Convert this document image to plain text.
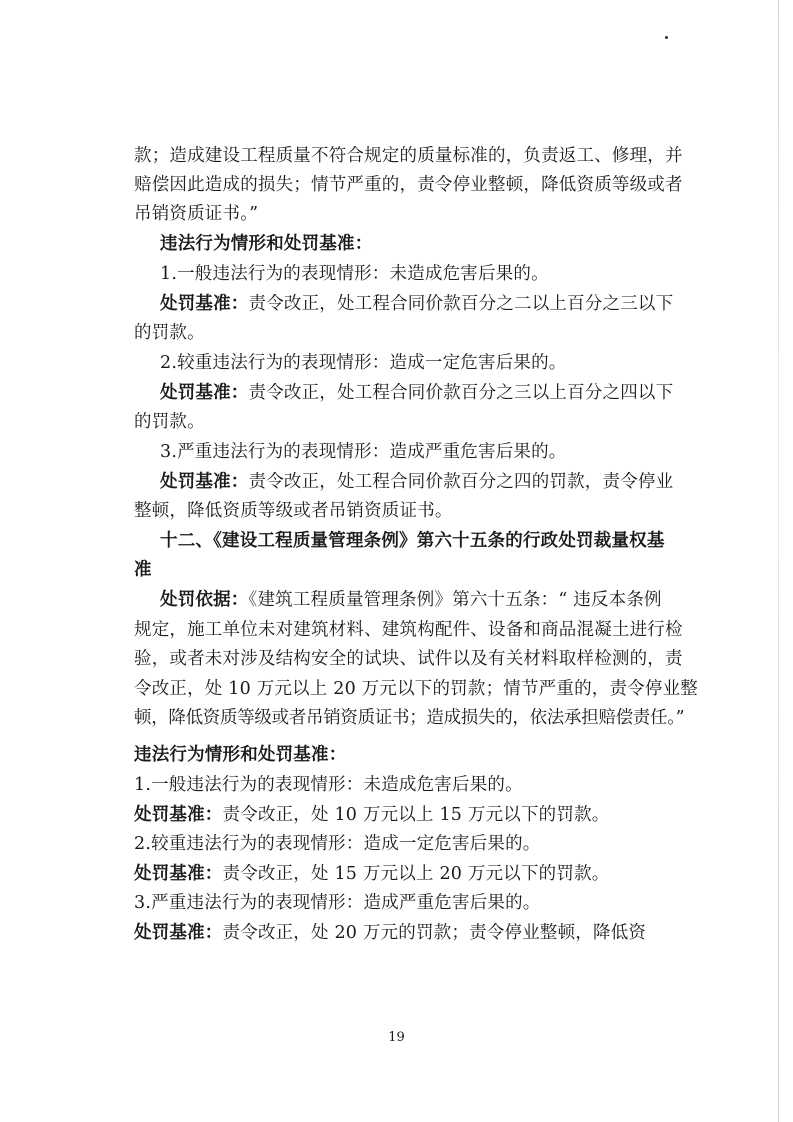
款；造成建设工程质量不符合规定的质量标准的，负责返工、修理，并
赔偿因此造成的损失；情节严重的，责令停业整顿，降低资质等级或者
吊销资质证书。”
违法行为情形和处罚基准：
1.一般违法行为的表现情形：未造成危害后果的。
处罚基准：责令改正，处工程合同价款百分之二以上百分之三以下
的罚款。
2.较重违法行为的表现情形：造成一定危害后果的。
处罚基准：责令改正，处工程合同价款百分之三以上百分之四以下
的罚款。
3.严重违法行为的表现情形：造成严重危害后果的。
处罚基准：责令改正，处工程合同价款百分之四的罚款，责令停业
整顿，降低资质等级或者吊销资质证书。
十二、《建设工程质量管理条例》第六十五条的行政处罚裁量权基
准
处罚依据：《建筑工程质量管理条例》第六十五条：“ 违反本条例
规定，施工单位未对建筑材料、建筑构配件、设备和商品混凝土进行检
验，或者未对涉及结构安全的试块、试件以及有关材料取样检测的，责
令改正，处 10 万元以上 20 万元以下的罚款；情节严重的，责令停业整
顿，降低资质等级或者吊销资质证书；造成损失的，依法承担赔偿责任。”
违法行为情形和处罚基准：
1.一般违法行为的表现情形：未造成危害后果的。
处罚基准：责令改正，处 10 万元以上 15 万元以下的罚款。
2.较重违法行为的表现情形：造成一定危害后果的。
处罚基准：责令改正，处 15 万元以上 20 万元以下的罚款。
3.严重违法行为的表现情形：造成严重危害后果的。
处罚基准：责令改正，处 20 万元的罚款；责令停业整顿，降低资
19
